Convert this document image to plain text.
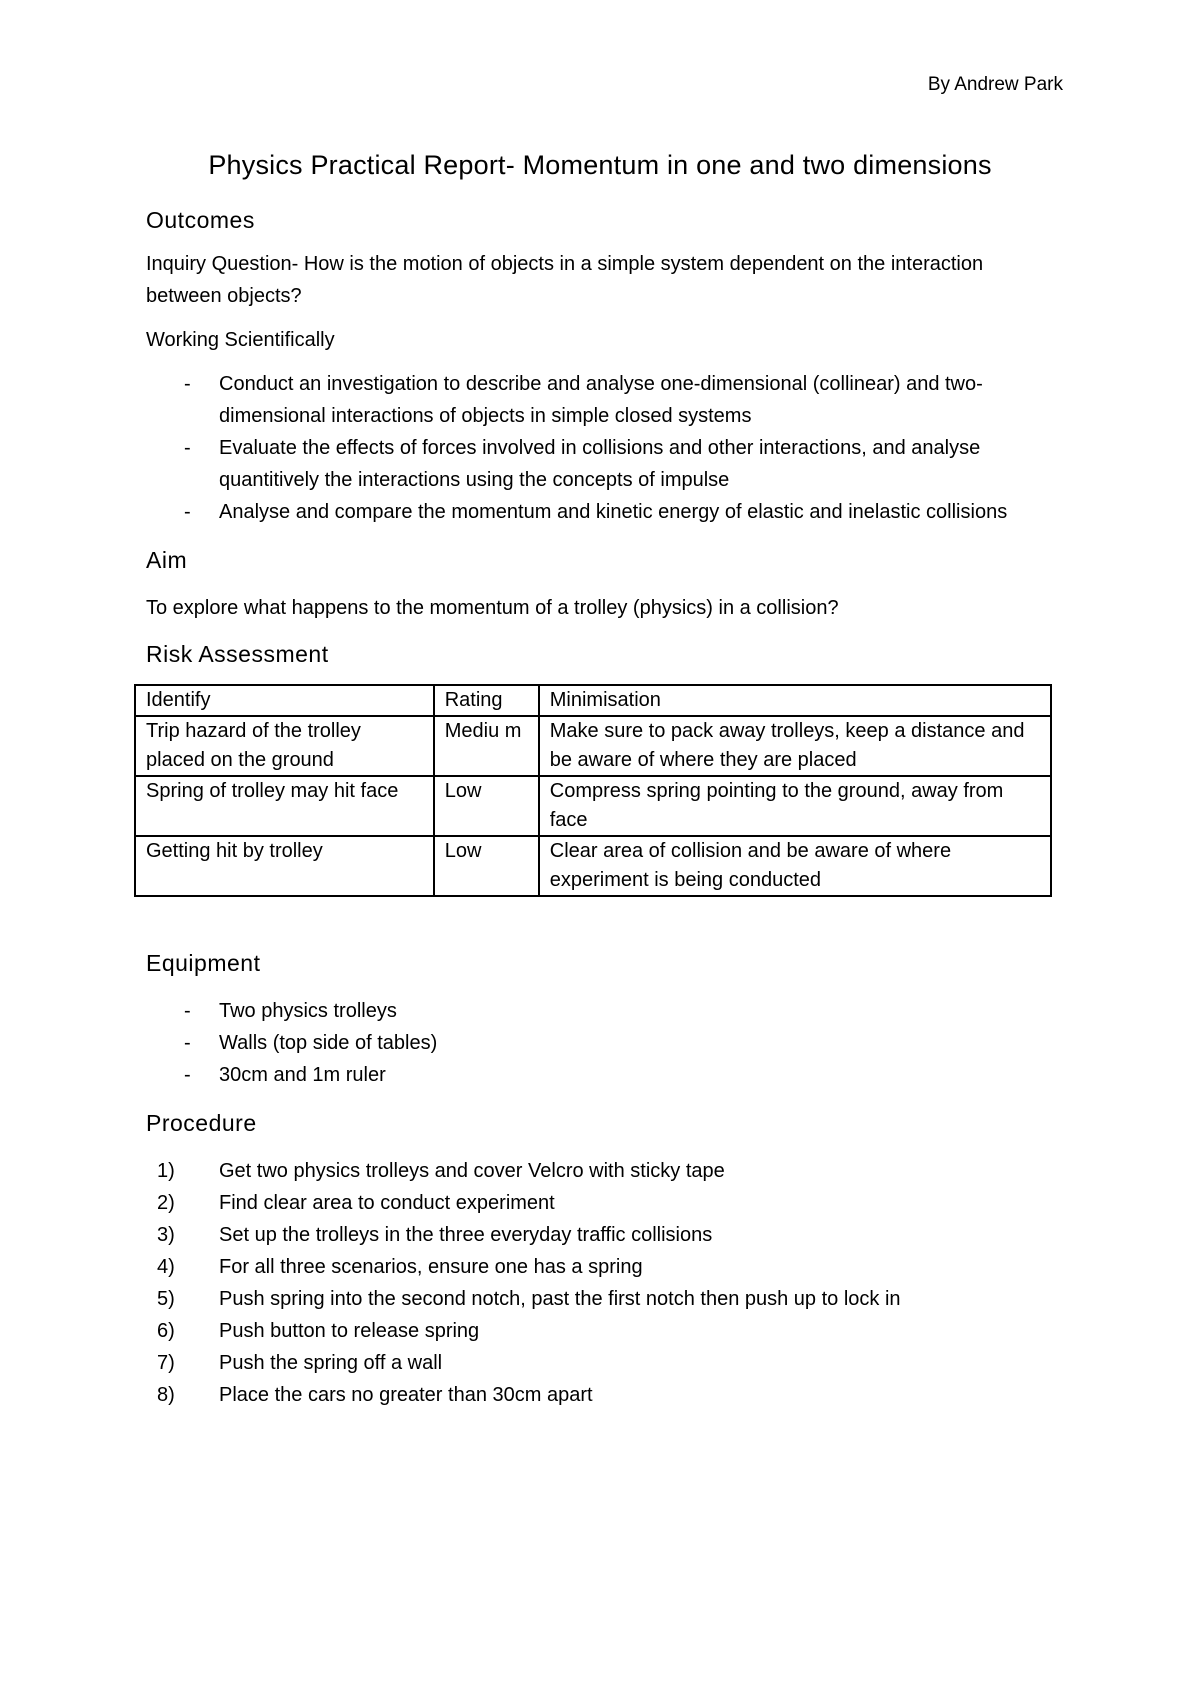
By Andrew Park
Physics Practical Report- Momentum in one and two dimensions

Outcomes

Inquiry Question- How is the motion of objects in a simple system dependent on the interaction between objects?

Working Scientifically

- Conduct an investigation to describe and analyse one-dimensional (collinear) and two-dimensional interactions of objects in simple closed systems
- Evaluate the effects of forces involved in collisions and other interactions, and analyse quantitively the interactions using the concepts of impulse
- Analyse and compare the momentum and kinetic energy of elastic and inelastic collisions

Aim

To explore what happens to the momentum of a trolley (physics) in a collision?

Risk Assessment

Identify	Rating	Minimisation
Trip hazard of the trolley placed on the ground	Mediu m	Make sure to pack away trolleys, keep a distance and be aware of where they are placed
Spring of trolley may hit face	Low	Compress spring pointing to the ground, away from face
Getting hit by trolley	Low	Clear area of collision and be aware of where experiment is being conducted

Equipment

- Two physics trolleys
- Walls (top side of tables)
- 30cm and 1m ruler

Procedure

1) Get two physics trolleys and cover Velcro with sticky tape
2) Find clear area to conduct experiment
3) Set up the trolleys in the three everyday traffic collisions
4) For all three scenarios, ensure one has a spring
5) Push spring into the second notch, past the first notch then push up to lock in
6) Push button to release spring
7) Push the spring off a wall
8) Place the cars no greater than 30cm apart
